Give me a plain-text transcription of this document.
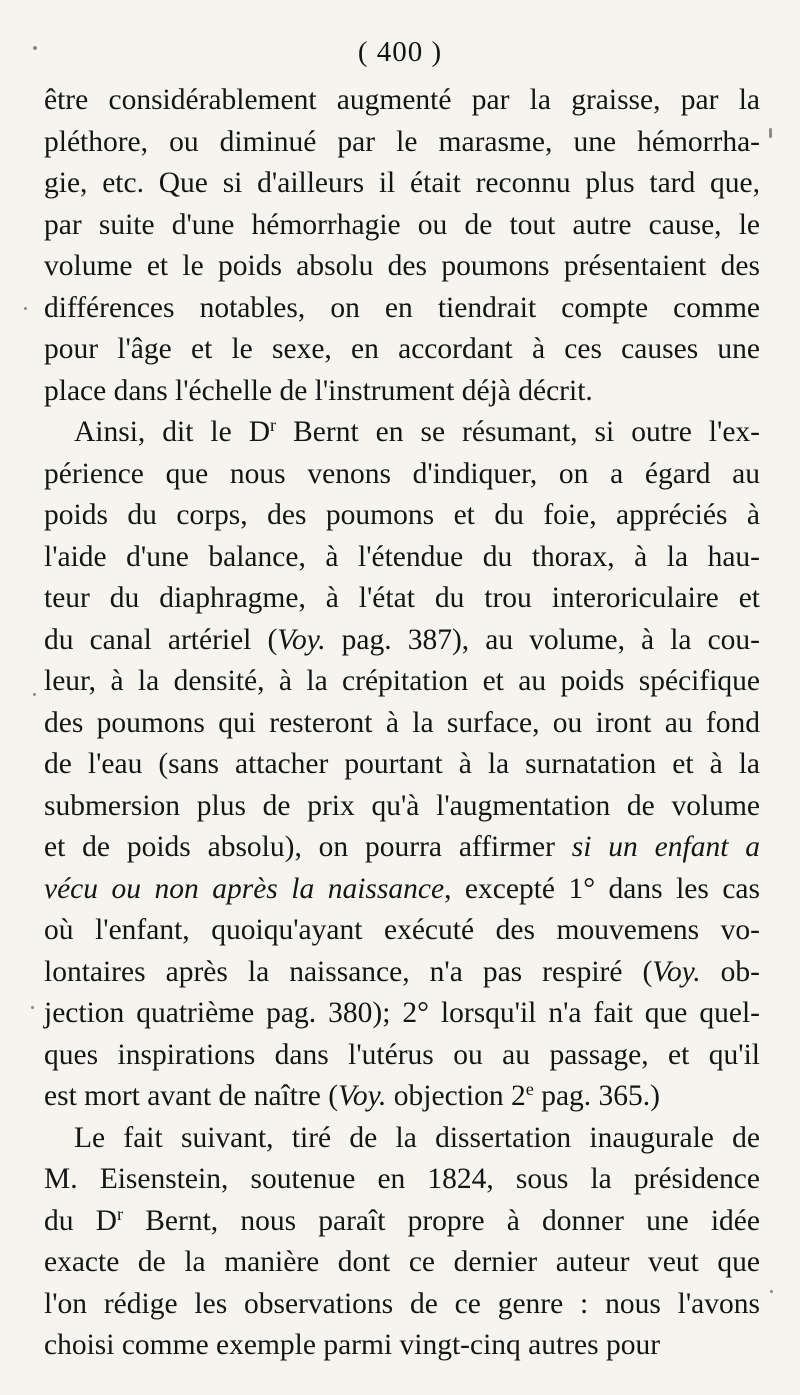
( 400 )
être considérablement augmenté par la graisse, par la
pléthore, ou diminué par le marasme, une hémorrha-
gie, etc. Que si d'ailleurs il était reconnu plus tard que,
par suite d'une hémorrhagie ou de tout autre cause, le
volume et le poids absolu des poumons présentaient des
différences notables, on en tiendrait compte comme
pour l'âge et le sexe, en accordant à ces causes une
place dans l'échelle de l'instrument déjà décrit.
Ainsi, dit le $D^r$ Bernt en se résumant, si outre l'ex-
périence que nous venons d'indiquer, on a égard au
poids du corps, des poumons et du foie, appréciés à
l'aide d'une balance, à l'étendue du thorax, à la hau-
teur du diaphragme, à l'état du trou interoriculaire et
du canal artériel (Voy. pag. 387), au volume, à la cou-
leur, à la densité, à la crépitation et au poids spécifique
des poumons qui resteront à la surface, ou iront au fond
de l'eau (sans attacher pourtant à la surnatation et à la
submersion plus de prix qu'à l'augmentation de volume
et de poids absolu), on pourra affirmer si un enfant a
vécu ou non après la naissance, excepté 1° dans les cas
où l'enfant, quoiqu'ayant exécuté des mouvemens vo-
lontaires après la naissance, n'a pas respiré (Voy. ob-
jection quatrième pag. 380); 2° lorsqu'il n'a fait que quel-
ques inspirations dans l'utérus ou au passage, et qu'il
est mort avant de naître (Voy. objection 2e pag. 365.)
Le fait suivant, tiré de la dissertation inaugurale de
M. Eisenstein, soutenue en 1824, sous la présidence
du $D^r$ Bernt, nous paraît propre à donner une idée
exacte de la manière dont ce dernier auteur veut que
l'on rédige les observations de ce genre : nous l'avons
choisi comme exemple parmi vingt-cinq autres pour
